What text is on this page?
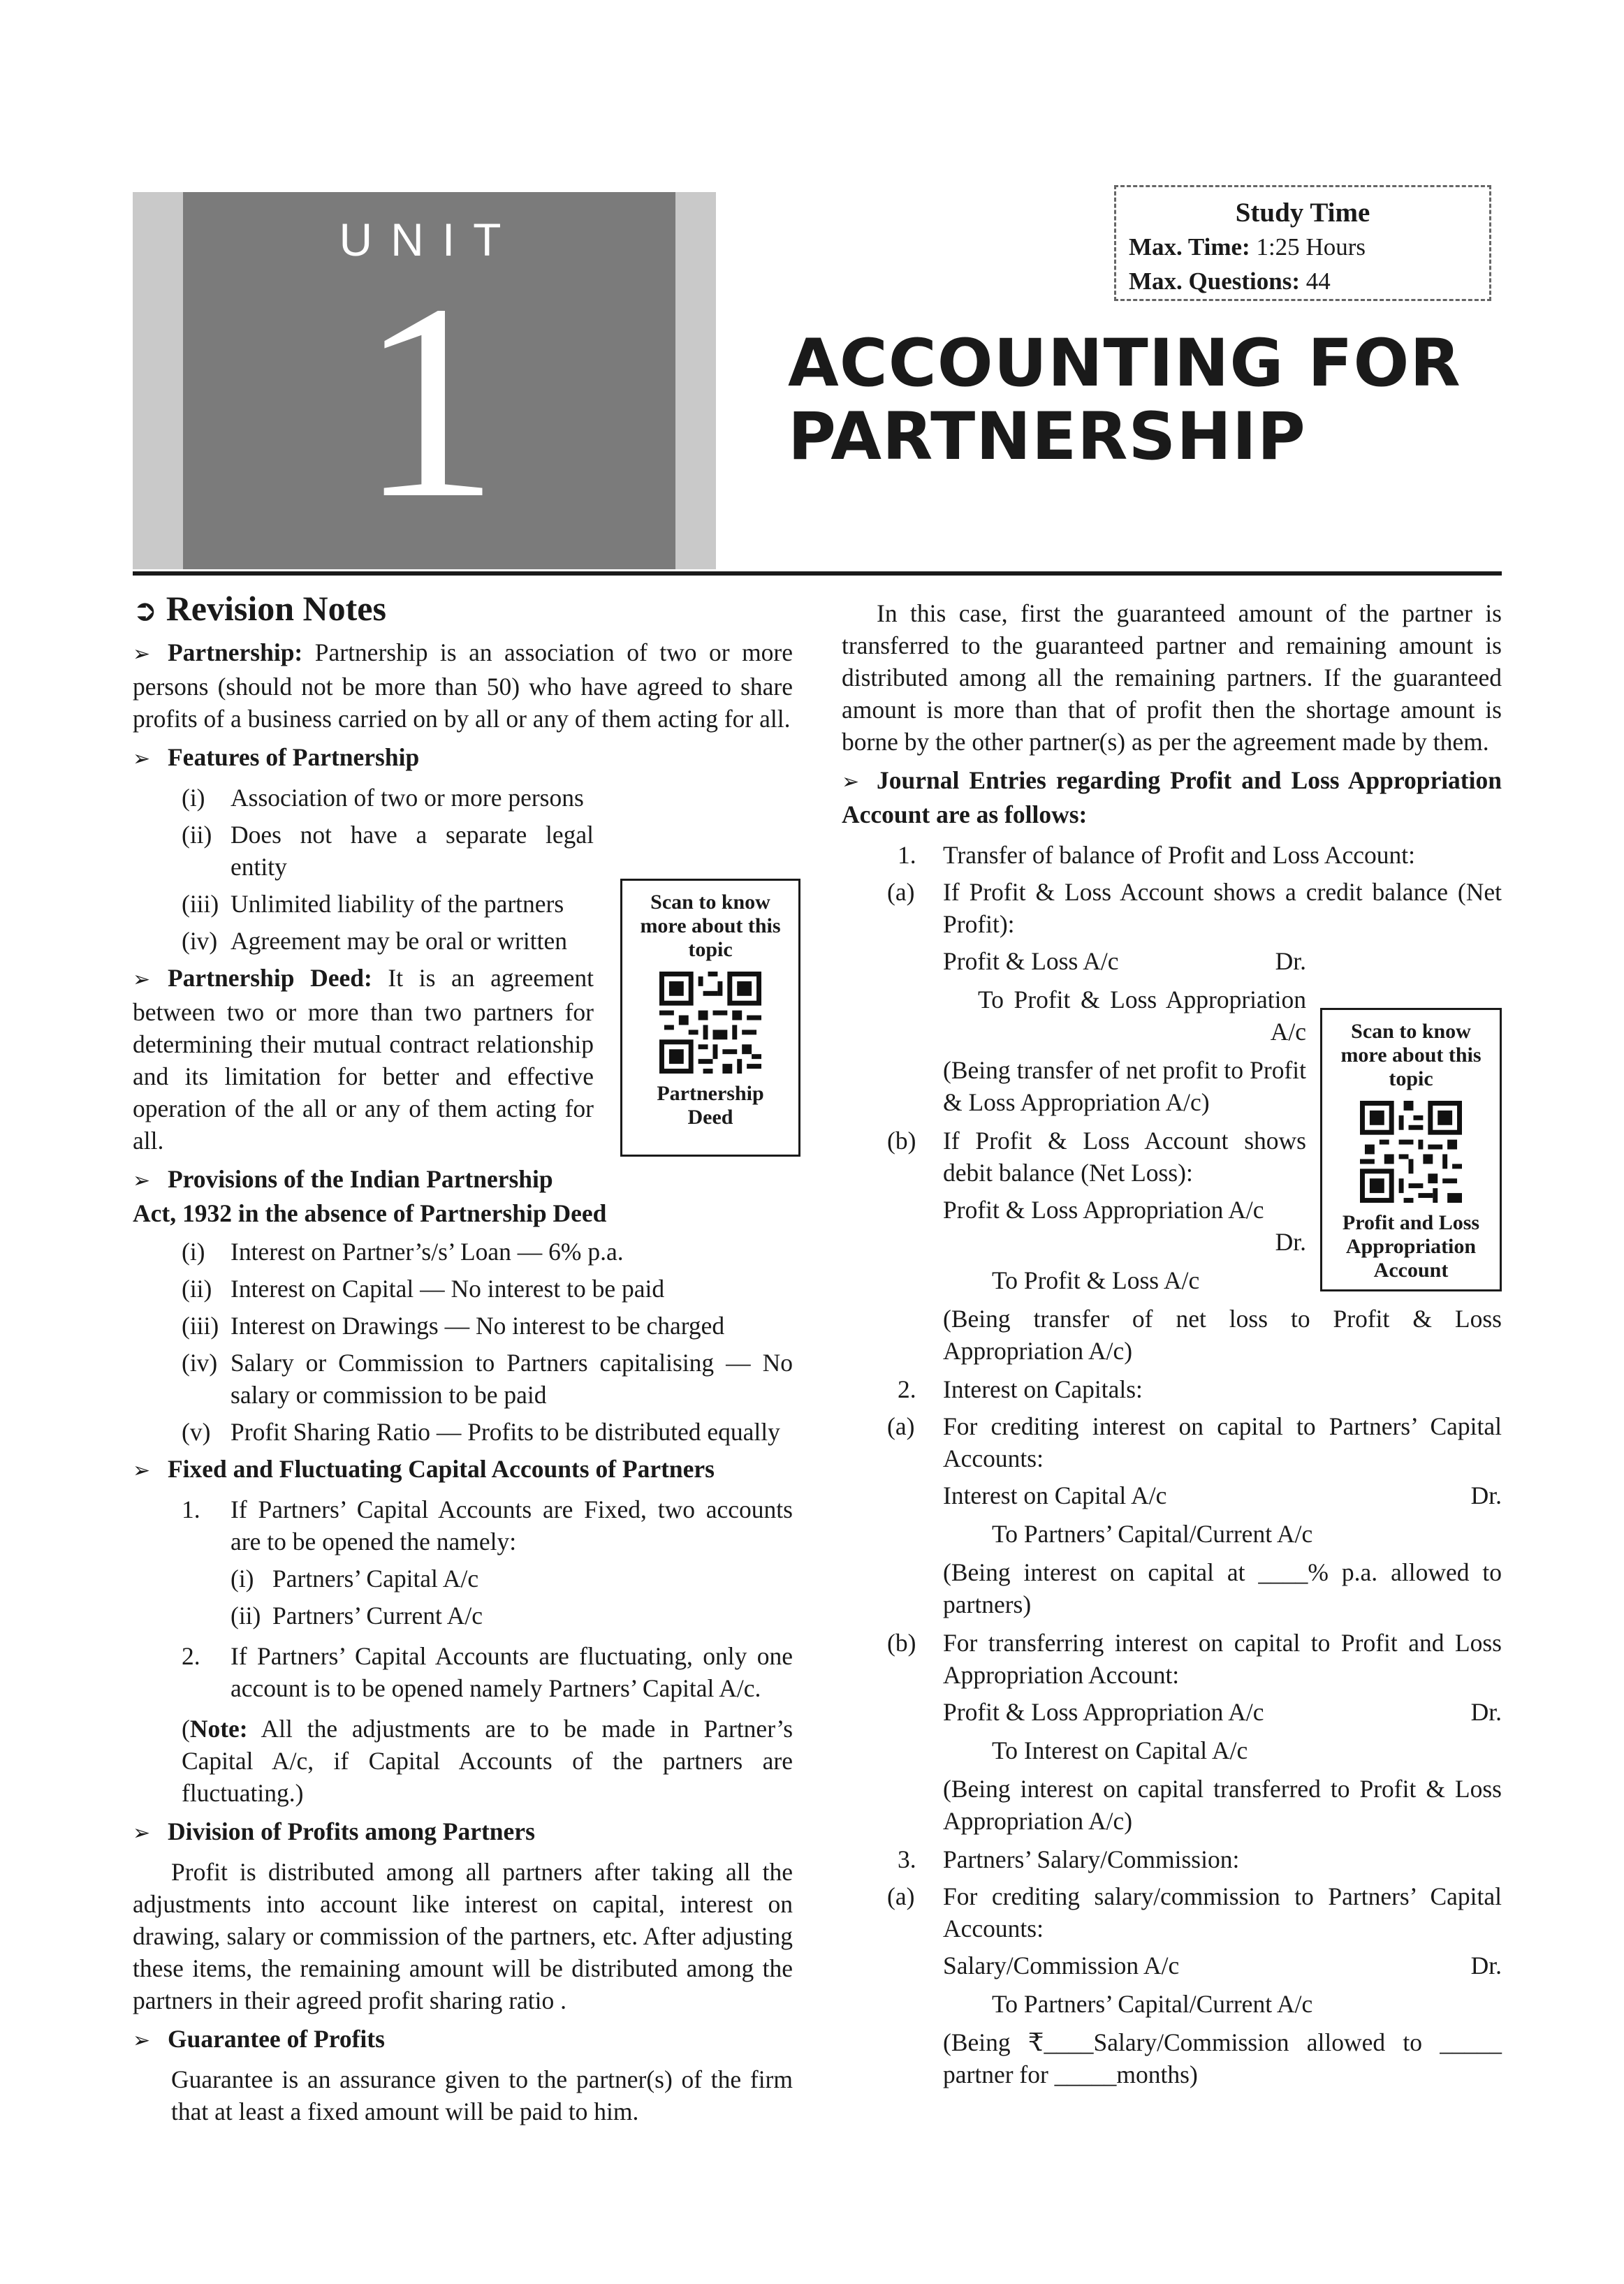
UNIT
1
Study Time
Max. Time: 1:25 Hours
Max. Questions: 44
ACCOUNTING FOR
PARTNERSHIP
➲ Revision Notes

➢ Partnership: Partnership is an association of two or more persons (should not be more than 50) who have agreed to share profits of a business carried on by all or any of them acting for all.

➢ Features of Partnership
(i)	Association of two or more persons
(ii) Does not have a separate legal entity
(iii) Unlimited liability of the partners
(iv) Agreement may be oral or written

➢ Partnership Deed: It is an agreement between two or more than two partners for determining their mutual contract relationship and its limitation for better and effective operation of the all or any of them acting for all.

➢ Provisions of the Indian Partnership
Act, 1932 in the absence of Partnership Deed
(i)	Interest on Partner’s/s’ Loan — 6% p.a.
(ii) Interest on Capital — No interest to be paid
(iii) Interest on Drawings — No interest to be charged
(iv) Salary or Commission to Partners capitalising — No salary or commission to be paid
(v) Profit Sharing Ratio — Profits to be distributed equally
➢ Fixed and Fluctuating Capital Accounts of Partners
1.	If Partners’ Capital Accounts are Fixed, two accounts are to be opened the namely:
(i) Partners’ Capital A/c
(ii) Partners’ Current A/c
2.	If Partners’ Capital Accounts are fluctuating, only one account is to be opened namely Partners’ Capital A/c.

(Note: All the adjustments are to be made in Partner’s Capital A/c, if Capital Accounts of the partners are fluctuating.)

➢ Division of Profits among Partners

Profit is distributed among all partners after taking all the adjustments into account like interest on capital, interest on drawing, salary or commission of the partners, etc. After adjusting these items, the remaining amount will be distributed among the partners in their agreed profit sharing ratio .

➢ Guarantee of Profits

Guarantee is an assurance given to the partner(s) of the firm that at least a fixed amount will be paid to him.

Scan to know more about this topic
Partnership Deed

In this case, first the guaranteed amount of the partner is transferred to the guaranteed partner and remaining amount is distributed among all the remaining partners. If the guaranteed amount is more than that of profit then the shortage amount is borne by the other partner(s) as per the agreement made by them.

➢ Journal Entries regarding Profit and Loss Appropriation Account are as follows:
1.	Transfer of balance of Profit and Loss Account:
(a)	If Profit & Loss Account shows a credit balance (Net Profit):
Profit & Loss A/c	Dr.
To Profit & Loss Appropriation
A/c

(Being transfer of net profit to Profit & Loss Appropriation A/c)

(b)	If Profit & Loss Account shows debit balance (Net Loss):
Profit & Loss Appropriation A/c
Dr.
To Profit & Loss A/c

(Being transfer of net loss to Profit & Loss Appropriation A/c)

2.	Interest on Capitals:
(a)	For crediting interest on capital to Partners’ Capital Accounts:
Interest on Capital A/c	Dr.
To Partners’ Capital/Current A/c

(Being interest on capital at ____% p.a. allowed to partners)

(b)	For transferring interest on capital to Profit and Loss Appropriation Account:
Profit & Loss Appropriation A/c	Dr.
To Interest on Capital A/c

(Being interest on capital transferred to Profit & Loss Appropriation A/c)

3.	Partners’ Salary/Commission:
(a)	For crediting salary/commission to Partners’ Capital Accounts:
Salary/Commission A/c	Dr.
To Partners’ Capital/Current A/c

(Being ₹____Salary/Commission allowed to _____ partner for _____months)

Scan to know more about this topic
Profit and Loss Appropriation Account
